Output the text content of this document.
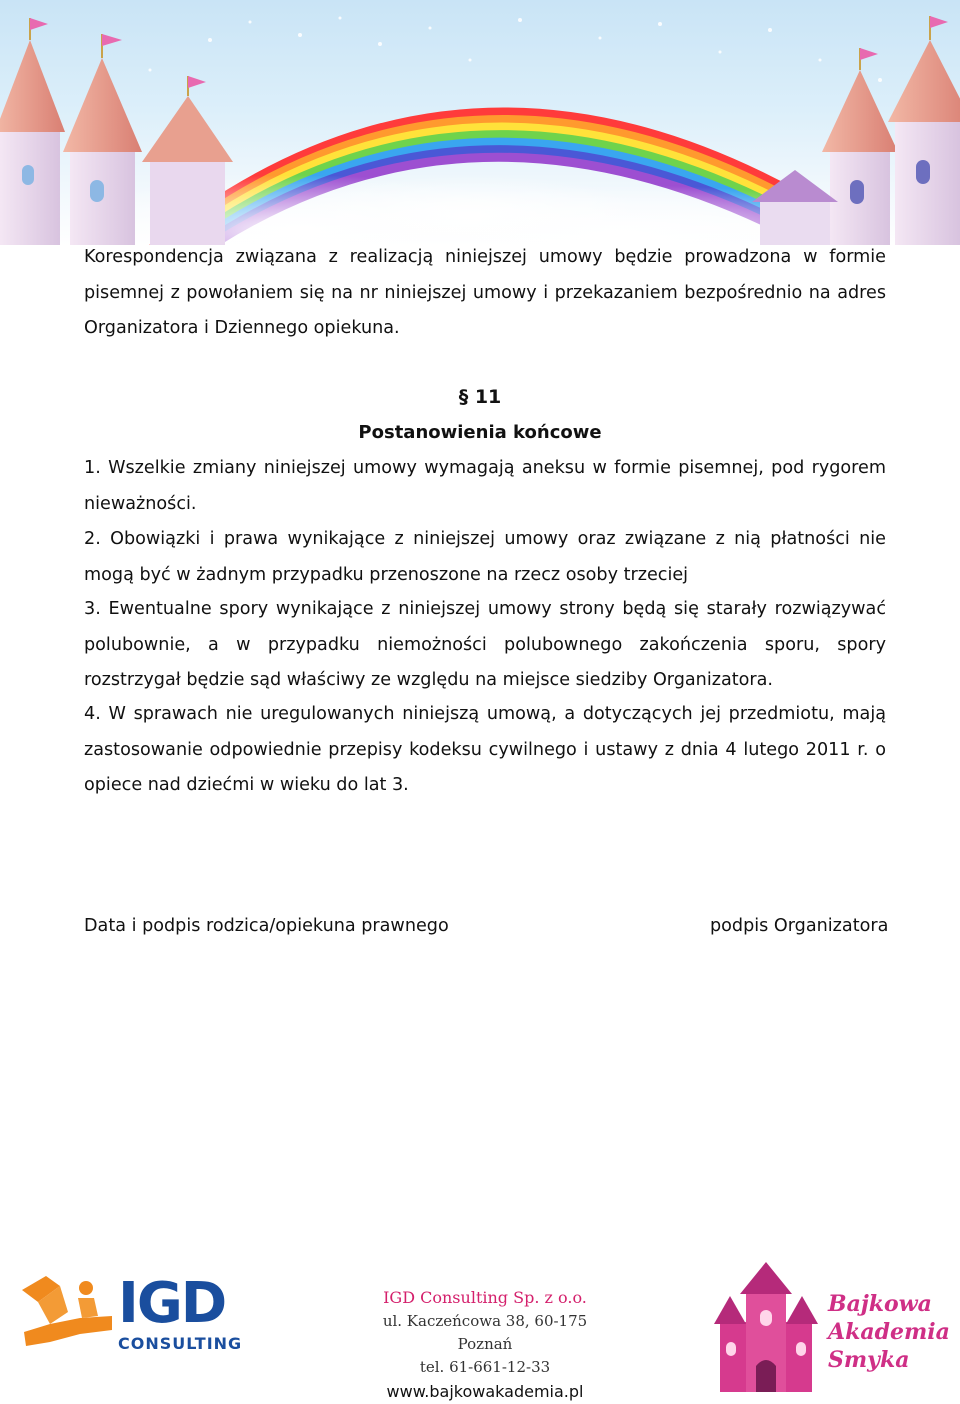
Korespondencja związana z realizacją niniejszej umowy będzie prowadzona w formie pisemnej z powołaniem się na nr niniejszej umowy i przekazaniem bezpośrednio na adres Organizatora i Dziennego opiekuna.

§ 11
Postanowienia końcowe

1. Wszelkie zmiany niniejszej umowy wymagają aneksu w formie pisemnej, pod rygorem nieważności.

2. Obowiązki i prawa wynikające z niniejszej umowy oraz związane z nią płatności nie mogą być w żadnym przypadku przenoszone na rzecz osoby trzeciej

3. Ewentualne spory wynikające z niniejszej umowy strony będą się starały rozwiązywać polubownie, a w przypadku niemożności polubownego zakończenia sporu, spory rozstrzygał będzie sąd właściwy ze względu na miejsce siedziby Organizatora.

4. W sprawach nie uregulowanych niniejszą umową, a dotyczących jej przedmiotu, mają zastosowanie odpowiednie przepisy kodeksu cywilnego i ustawy z dnia 4 lutego 2011 r. o opiece nad dziećmi w wieku do lat 3.

Data i podpis rodzica/opiekuna prawnego	podpis Organizatora
IGD
CONSULTING
IGD Consulting Sp. z o.o.
ul. Kaczeńcowa 38, 60-175 Poznań
tel. 61-661-12-33
www.bajkowakademia.pl
Bajkowa
Akademia
Smyka
